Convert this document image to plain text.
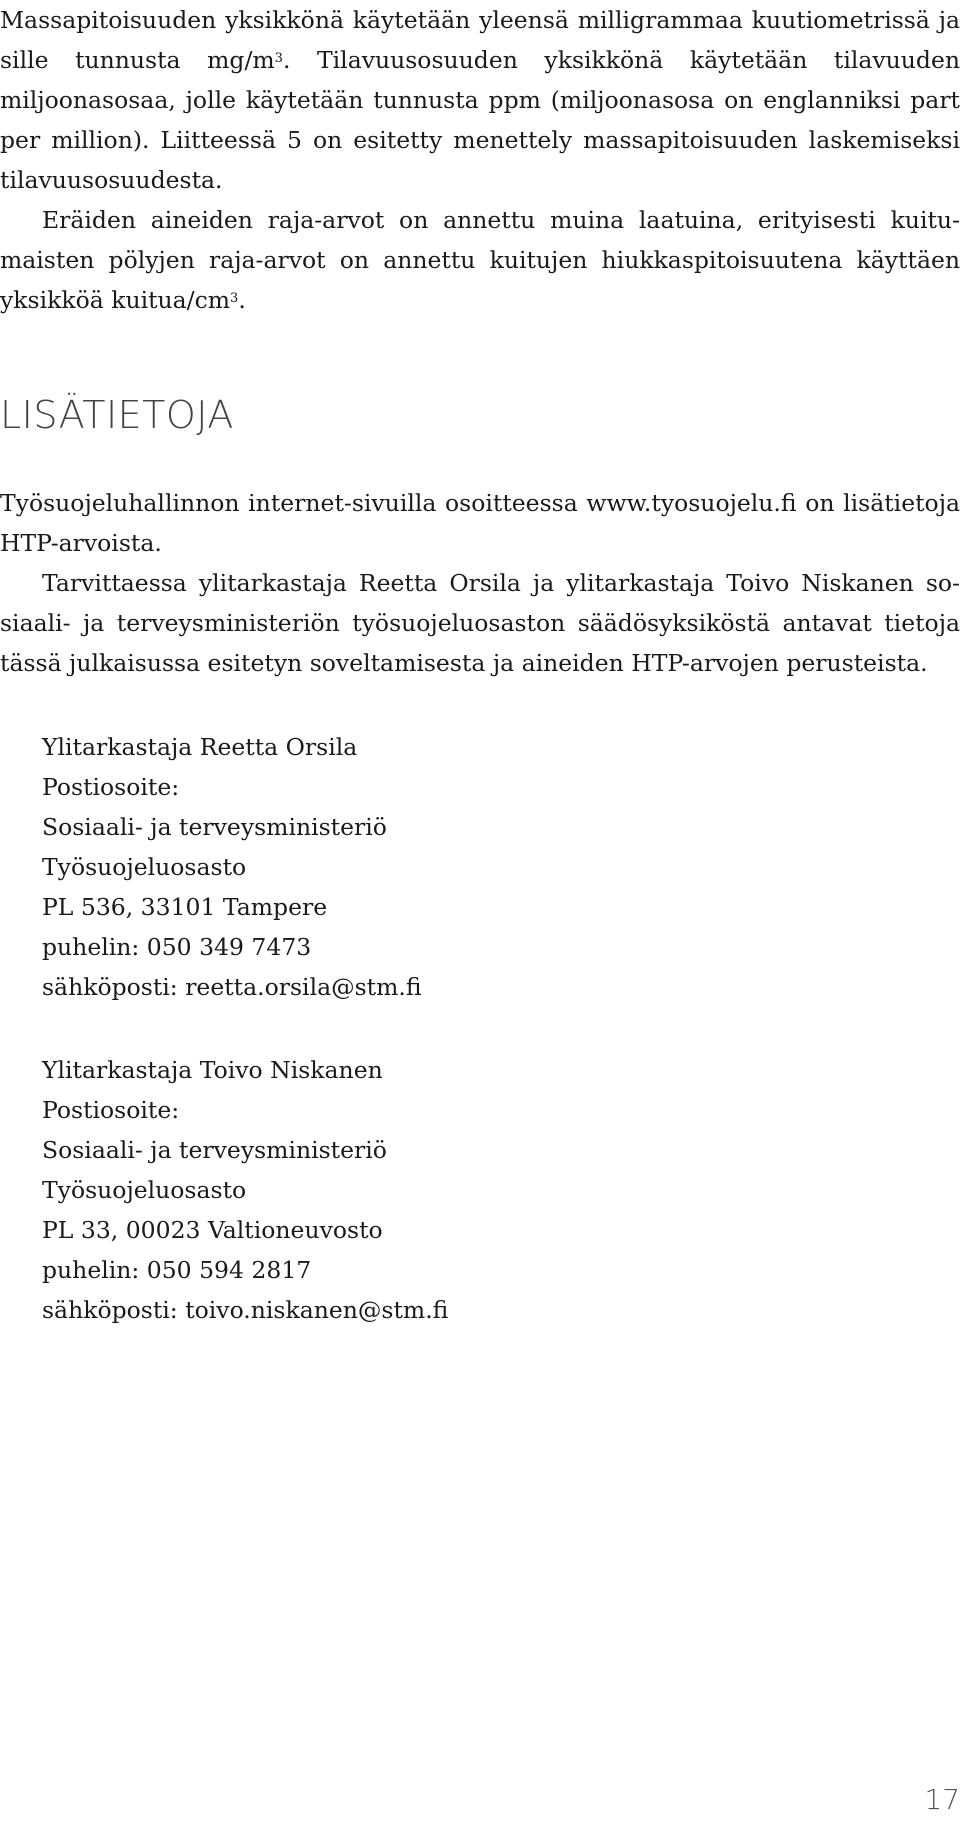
Massapitoisuuden yksikkönä käytetään yleensä milligrammaa kuutiometrissä ja sille tunnusta $mg/m^3$. Tilavuusosuuden yksikkönä käytetään tilavuuden miljoonasosaa, jolle käytetään tunnusta ppm (miljoonasosa on englanniksi part per million). Liitteessä 5 on esitetty menettely massapitoisuuden laskemiseksi tilavuusosuudesta.

Eräiden aineiden raja-arvot on annettu muina laatuina, erityisesti kuitumaisten pölyjen raja-arvot on annettu kuitujen hiukkaspitoisuutena käyttäen yksikköä kuitua/$cm^3$.

LISÄTIETOJA

Työsuojeluhallinnon internet-sivuilla osoitteessa www.tyosuojelu.fi on lisätietoja HTP-arvoista.

Tarvittaessa ylitarkastaja Reetta Orsila ja ylitarkastaja Toivo Niskanen sosiaali- ja terveysministeriön työsuojeluosaston säädösyksiköstä antavat tietoja tässä julkaisussa esitetyn soveltamisesta ja aineiden HTP-arvojen perusteista.

Ylitarkastaja Reetta Orsila
Postiosoite:
Sosiaali- ja terveysministeriö
Työsuojeluosasto
PL 536, 33101 Tampere
puhelin: 050 349 7473
sähköposti: reetta.orsila@stm.fi
Ylitarkastaja Toivo Niskanen
Postiosoite:
Sosiaali- ja terveysministeriö
Työsuojeluosasto
PL 33, 00023 Valtioneuvosto
puhelin: 050 594 2817
sähköposti: toivo.niskanen@stm.fi
17
